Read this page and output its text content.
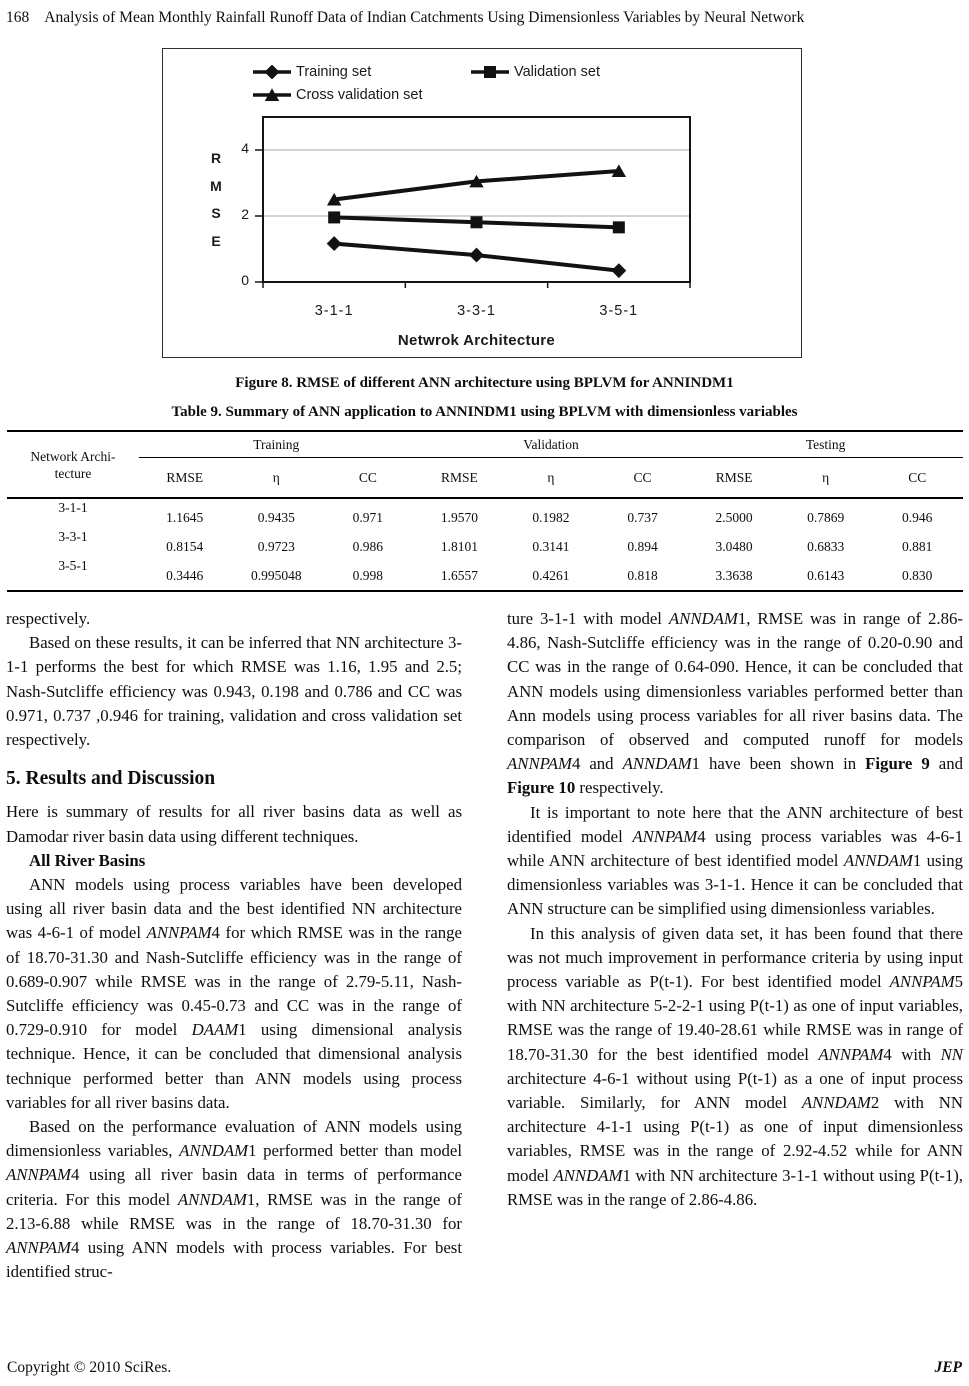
168 Analysis of Mean Monthly Rainfall Runoff Data of Indian Catchments Using Dimensionless Variables by Neural Network
Training set	Validation set
Cross validation set
R
M
S
E
0
2
4
3-1-1	3-3-1	3-5-1
Netwrok Architecture
Figure 8. RMSE of different ANN architecture using BPLVM for ANNINDM1
Table 9. Summary of ANN application to ANNINDM1 using BPLVM with dimensionless variables
Network Archi-
tecture	Training			Validation			Testing		
	RMSE	η	CC	RMSE	η	CC	RMSE	η	CC
3-1-1	1.1645	0.9435	0.971	1.9570	0.1982	0.737	2.5000	0.7869	0.946
3-3-1	0.8154	0.9723	0.986	1.8101	0.3141	0.894	3.0480	0.6833	0.881
3-5-1	0.3446	0.995048	0.998	1.6557	0.4261	0.818	3.3638	0.6143	0.830

respectively.

Based on these results, it can be inferred that NN architecture 3-1-1 performs the best for which RMSE was 1.16, 1.95 and 2.5; Nash-Sutcliffe efficiency was 0.943, 0.198 and 0.786 and CC was 0.971, 0.737 ,0.946 for training, validation and cross validation set respectively.

5. Results and Discussion

Here is summary of results for all river basins data as well as Damodar river basin data using different techniques.

All River Basins

ANN models using process variables have been developed using all river basin data and the best identified NN architecture was 4-6-1 of model ANNPAM4 for which RMSE was in the range of 18.70-31.30 and Nash-Sutcliffe efficiency was in the range of 0.689-0.907 while RMSE was in the range of 2.79-5.11, Nash-Sutcliffe efficiency was 0.45-0.73 and CC was in the range of 0.729-0.910 for model DAAM1 using dimensional analysis technique. Hence, it can be concluded that dimensional analysis technique performed better than ANN models using process variables for all river basins data.

Based on the performance evaluation of ANN models using dimensionless variables, ANNDAM1 performed better than model ANNPAM4 using all river basin data in terms of performance criteria. For this model ANNDAM1, RMSE was in the range of 2.13-6.88 while RMSE was in the range of 18.70-31.30 for ANNPAM4 using ANN models with process variables. For best identified struc-

ture 3-1-1 with model ANNDAM1, RMSE was in range of 2.86-4.86, Nash-Sutcliffe efficiency was in the range of 0.20-0.90 and CC was in the range of 0.64-090. Hence, it can be concluded that ANN models using dimensionless variables performed better than Ann models using process variables for all river basins data. The comparison of observed and computed runoff for models ANNPAM4 and ANNDAM1 have been shown in Figure 9 and Figure 10 respectively.

It is important to note here that the ANN architecture of best identified model ANNPAM4 using process variables was 4-6-1 while ANN architecture of best identified model ANNDAM1 using dimensionless variables was 3-1-1. Hence it can be concluded that ANN structure can be simplified using dimensionless variables.

In this analysis of given data set, it has been found that there was not much improvement in performance criteria by using input process variable as P(t-1). For best identified model ANNPAM5 with NN architecture 5-2-2-1 using P(t-1) as one of input variables, RMSE was the range of 19.40-28.61 while RMSE was in range of 18.70-31.30 for the best identified model ANNPAM4 with NN architecture 4-6-1 without using P(t-1) as a one of input process variable. Similarly, for ANN model ANNDAM2 with NN architecture 4-1-1 using P(t-1) as one of input dimensionless variables, RMSE was in the range of 2.92-4.52 while for ANN model ANNDAM1 with NN architecture 3-1-1 without using P(t-1), RMSE was in the range of 2.86-4.86.

Copyright © 2010 SciRes.	JEP
